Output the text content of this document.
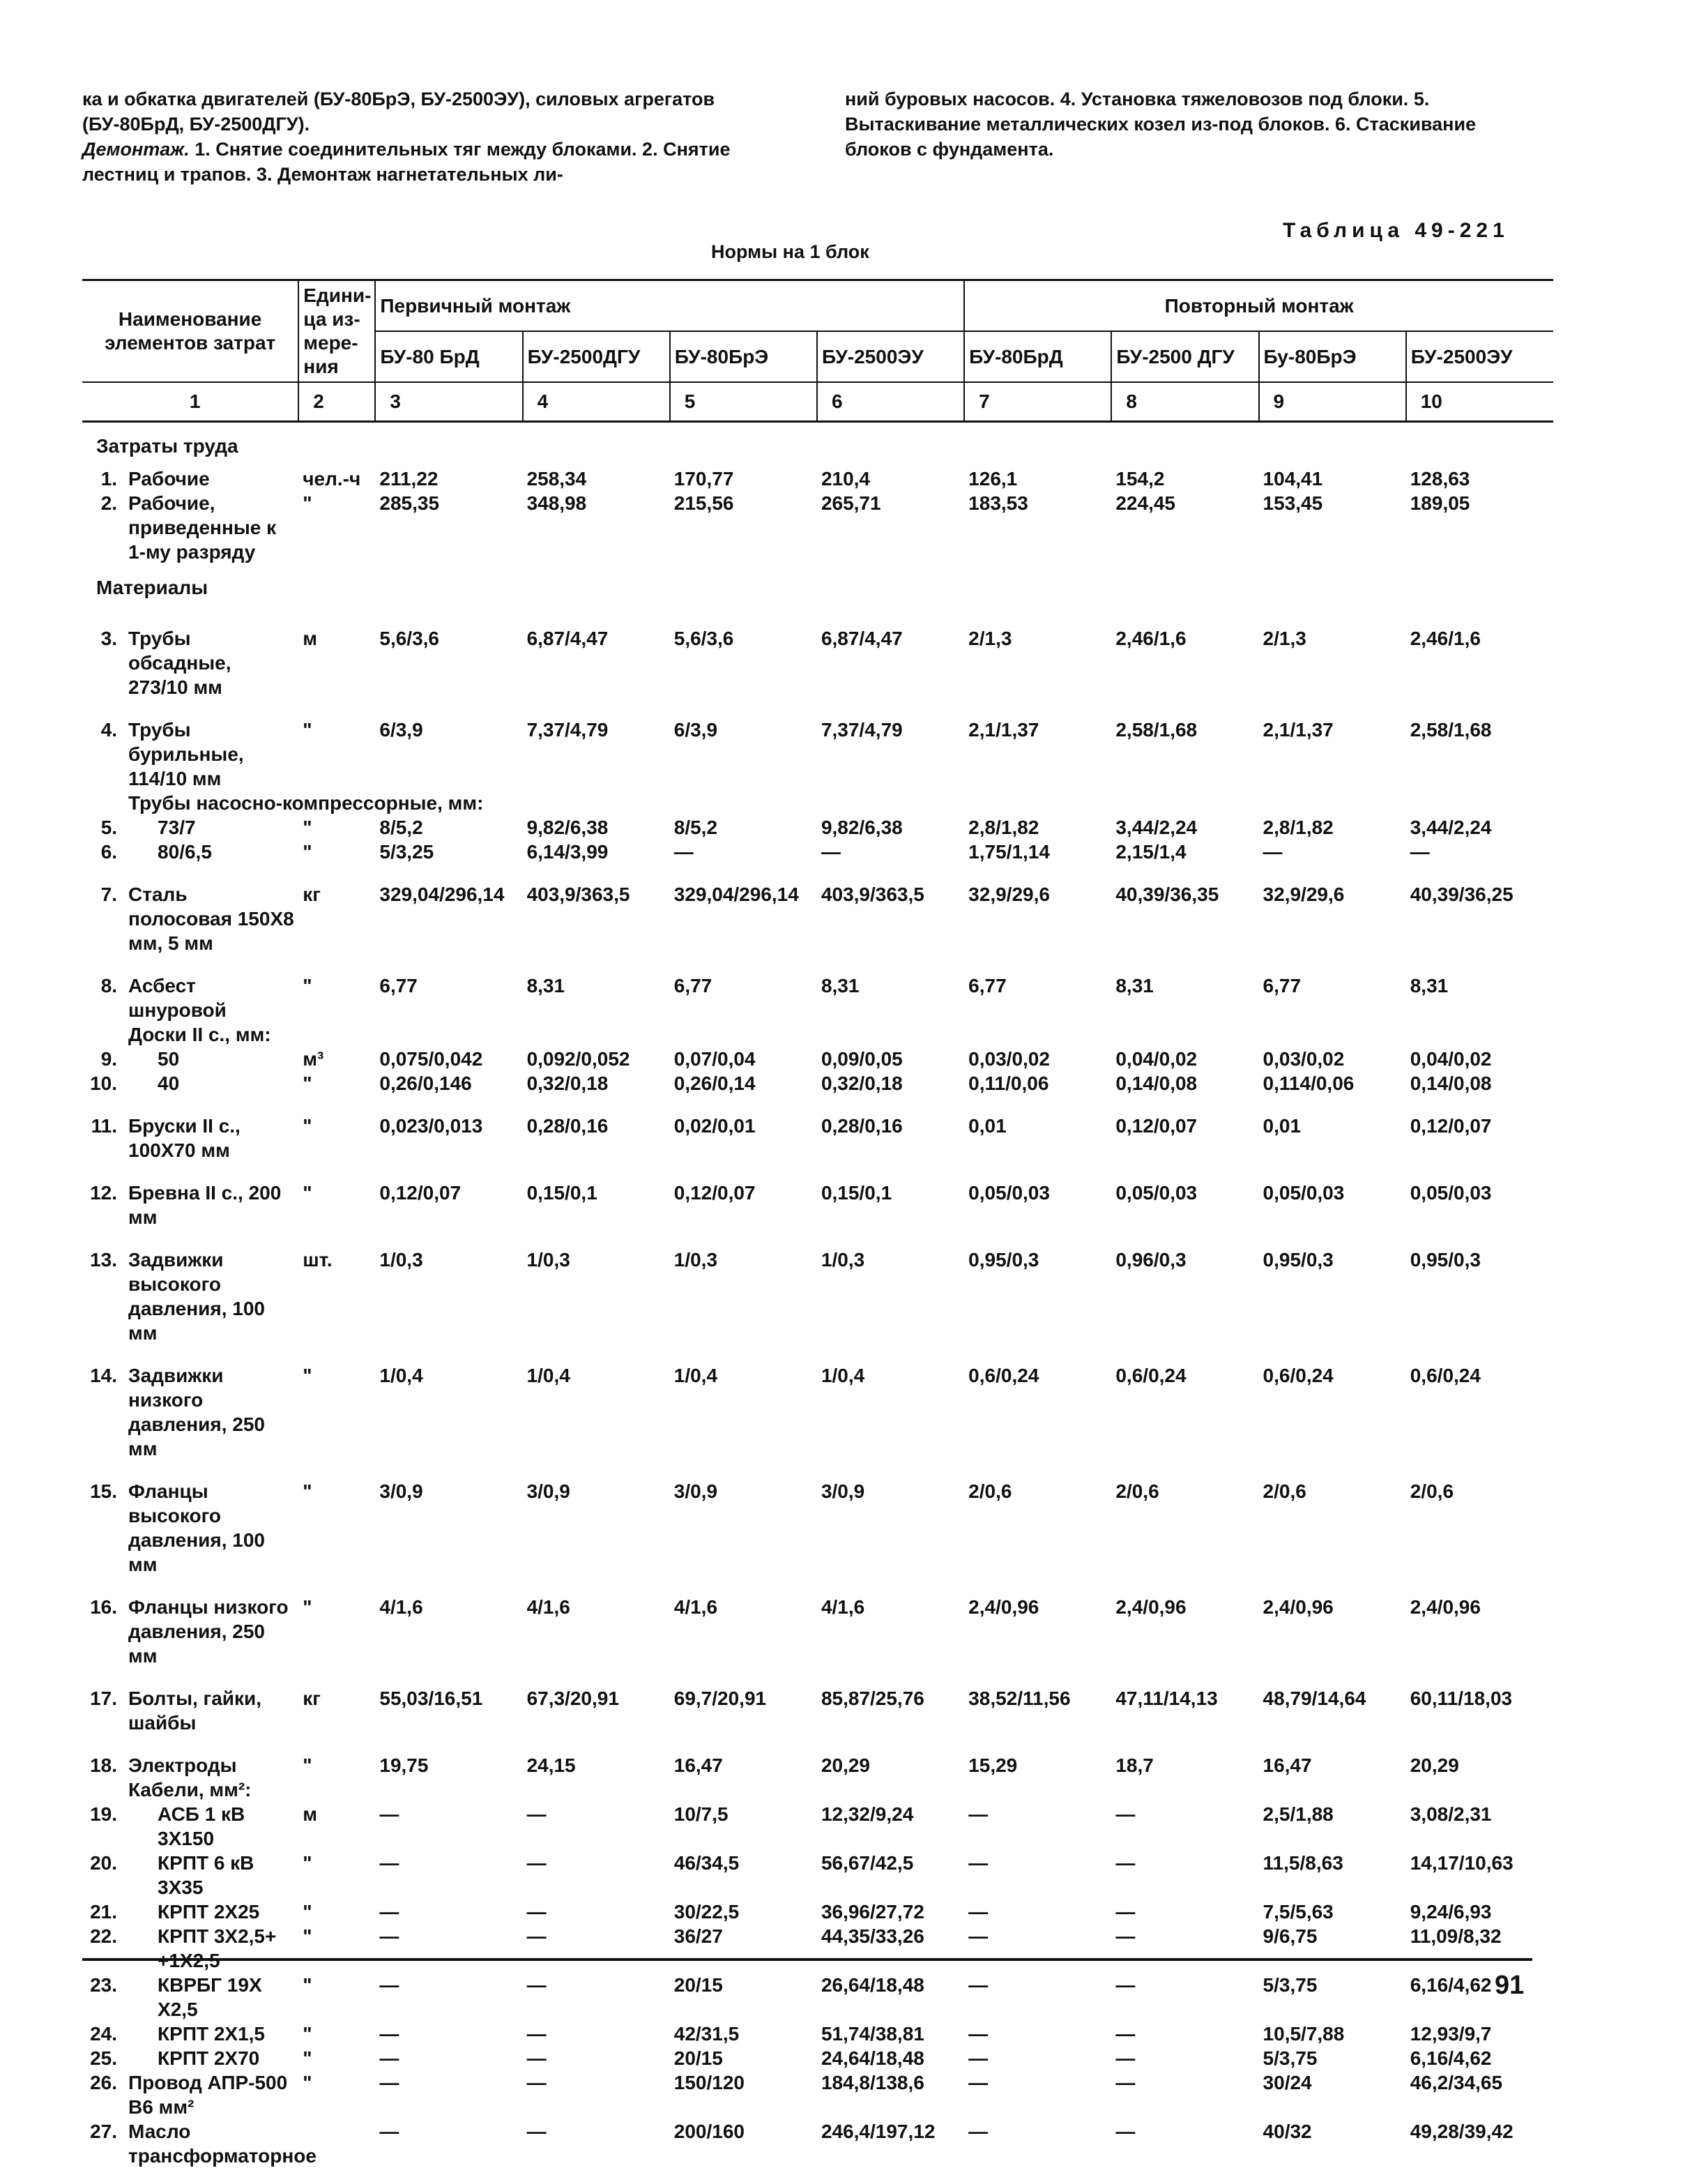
ка и обкатка двигателей (БУ-80БрЭ, БУ-2500ЭУ), силовых агрегатов (БУ-80БрД, БУ-2500ДГУ).

Демонтаж. 1. Снятие соединительных тяг между блоками. 2. Снятие лестниц и трапов. 3. Демонтаж нагнетательных ли-

ний буровых насосов. 4. Установка тяжеловозов под блоки. 5. Вытаскивание металлических козел из-под блоков. 6. Стаскивание блоков с фундамента.

Таблица 49-221
Нормы на 1 блок
Наименование элементов затрат		Едини-ца из-мере-ния	Первичный монтаж				Повторный монтаж			
			БУ-80 БрД	БУ-2500ДГУ	БУ-80БрЭ	БУ-2500ЭУ	БУ-80БрД	БУ-2500 ДГУ	Бу-80БрЭ	БУ-2500ЭУ
1		2	3	4	5	6	7	8	9	10
Затраты труда										
1.	Рабочие	чел.-ч	211,22	258,34	170,77	210,4	126,1	154,2	104,41	128,63
2.	Рабочие, приведенные к 1-му разряду	"	285,35	348,98	215,56	265,71	183,53	224,45	153,45	189,05
Материалы										
3.	Трубы обсадные, 273/10 мм	м	5,6/3,6	6,87/4,47	5,6/3,6	6,87/4,47	2/1,3	2,46/1,6	2/1,3	2,46/1,6
4.	Трубы бурильные, 114/10 мм	"	6/3,9	7,37/4,79	6/3,9	7,37/4,79	2,1/1,37	2,58/1,68	2,1/1,37	2,58/1,68
Трубы насосно-компрессорные, мм:										
5.	73/7	"	8/5,2	9,82/6,38	8/5,2	9,82/6,38	2,8/1,82	3,44/2,24	2,8/1,82	3,44/2,24
6.	80/6,5	"	5/3,25	6,14/3,99	—	—	1,75/1,14	2,15/1,4	—	—
7.	Сталь полосовая 150Х8 мм, 5 мм	кг	329,04/296,14	403,9/363,5	329,04/296,14	403,9/363,5	32,9/29,6	40,39/36,35	32,9/29,6	40,39/36,25
8.	Асбест шнуровой	"	6,77	8,31	6,77	8,31	6,77	8,31	6,77	8,31
Доски II с., мм:										
9.	50	м³	0,075/0,042	0,092/0,052	0,07/0,04	0,09/0,05	0,03/0,02	0,04/0,02	0,03/0,02	0,04/0,02
10.	40	"	0,26/0,146	0,32/0,18	0,26/0,14	0,32/0,18	0,11/0,06	0,14/0,08	0,114/0,06	0,14/0,08
11.	Бруски II с., 100Х70 мм	"	0,023/0,013	0,28/0,16	0,02/0,01	0,28/0,16	0,01	0,12/0,07	0,01	0,12/0,07
12.	Бревна II с., 200 мм	"	0,12/0,07	0,15/0,1	0,12/0,07	0,15/0,1	0,05/0,03	0,05/0,03	0,05/0,03	0,05/0,03
13.	Задвижки высокого давления, 100 мм	шт.	1/0,3	1/0,3	1/0,3	1/0,3	0,95/0,3	0,96/0,3	0,95/0,3	0,95/0,3
14.	Задвижки низкого давления, 250 мм	"	1/0,4	1/0,4	1/0,4	1/0,4	0,6/0,24	0,6/0,24	0,6/0,24	0,6/0,24
15.	Фланцы высокого давления, 100 мм	"	3/0,9	3/0,9	3/0,9	3/0,9	2/0,6	2/0,6	2/0,6	2/0,6
16.	Фланцы низкого давления, 250 мм	"	4/1,6	4/1,6	4/1,6	4/1,6	2,4/0,96	2,4/0,96	2,4/0,96	2,4/0,96
17.	Болты, гайки, шайбы	кг	55,03/16,51	67,3/20,91	69,7/20,91	85,87/25,76	38,52/11,56	47,11/14,13	48,79/14,64	60,11/18,03
18.	Электроды	"	19,75	24,15	16,47	20,29	15,29	18,7	16,47	20,29
Кабели, мм²:										
19.	АСБ 1 кВ 3Х150	м	—	—	10/7,5	12,32/9,24	—	—	2,5/1,88	3,08/2,31
20.	КРПТ 6 кВ 3Х35	"	—	—	46/34,5	56,67/42,5	—	—	11,5/8,63	14,17/10,63
21.	КРПТ 2Х25	"	—	—	30/22,5	36,96/27,72	—	—	7,5/5,63	9,24/6,93
22.	КРПТ 3Х2,5+	"	—	—	36/27	44,35/33,26	—	—	9/6,75	11,09/8,32
23.	КВРБГ 19Х Х2,5	"	—	—	20/15	26,64/18,48	—	—	5/3,75	6,16/4,62
24.	КРПТ 2Х1,5	"	—	—	42/31,5	51,74/38,81	—	—	10,5/7,88	12,93/9,7
25.	КРПТ 2Х70	"	—	—	20/15	24,64/18,48	—	—	5/3,75	6,16/4,62
26.	Провод АПР-500 В6 мм²	"	—	—	150/120	184,8/138,6	—	—	30/24	46,2/34,65
27.	Масло трансформаторное		—	—	200/160	246,4/197,12	—	—	40/32	49,28/39,42
91
